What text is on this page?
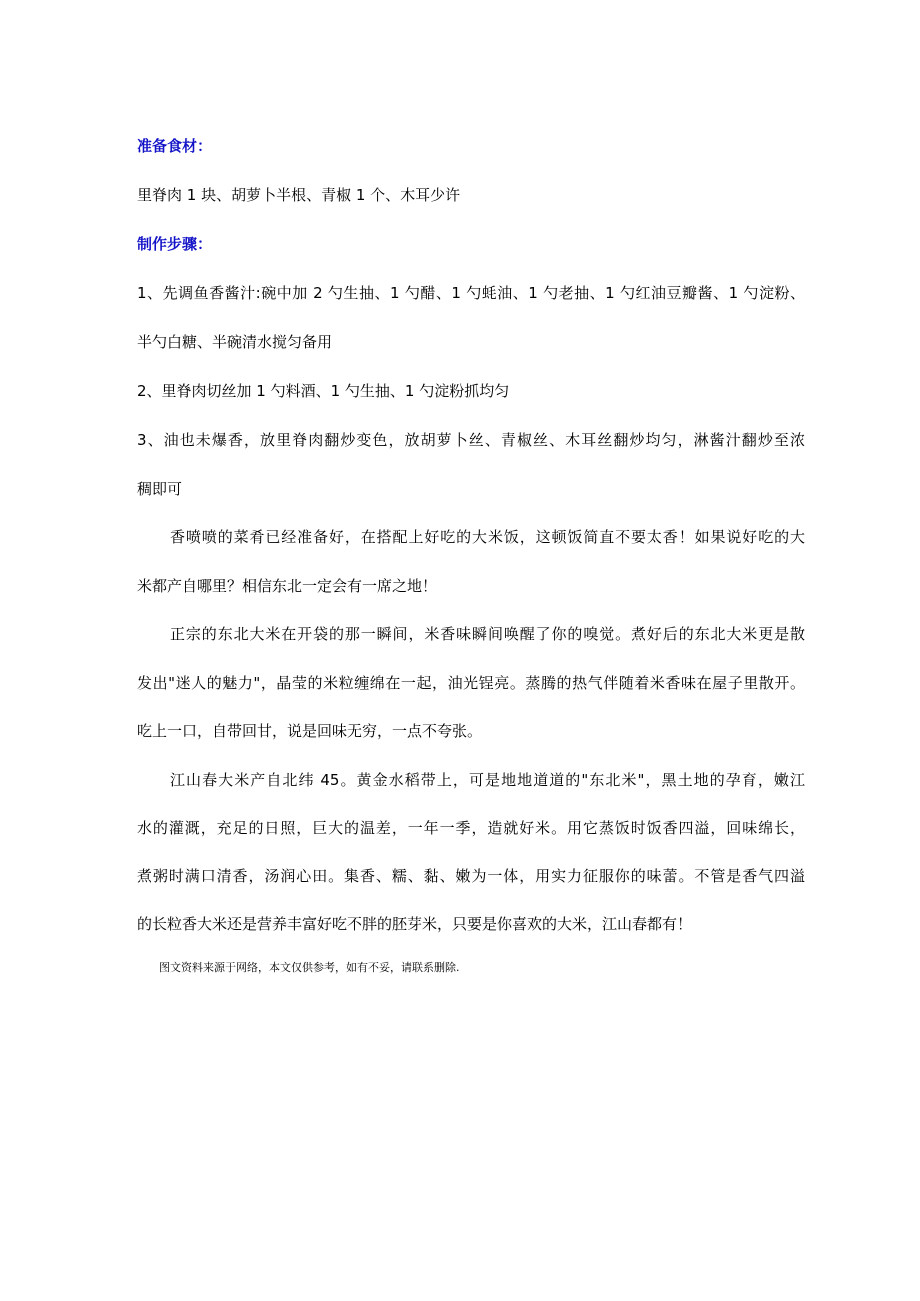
准备食材：
里脊肉 1 块、胡萝卜半根、青椒 1 个、木耳少许
制作步骤：
1、先调鱼香酱汁:碗中加 2 勺生抽、1 勺醋、1 勺蚝油、1 勺老抽、1 勺红油豆瓣酱、1 勺淀粉、
半勺白糖、半碗清水搅匀备用
2、里脊肉切丝加 1 勺料酒、1 勺生抽、1 勺淀粉抓均匀
3、油也未爆香，放里脊肉翻炒变色，放胡萝卜丝、青椒丝、木耳丝翻炒均匀，淋酱汁翻炒至浓
稠即可
香喷喷的菜肴已经准备好，在搭配上好吃的大米饭，这顿饭简直不要太香！如果说好吃的大
米都产自哪里？相信东北一定会有一席之地！
正宗的东北大米在开袋的那一瞬间，米香味瞬间唤醒了你的嗅觉。煮好后的东北大米更是散
发出"迷人的魅力"，晶莹的米粒缠绵在一起，油光锃亮。蒸腾的热气伴随着米香味在屋子里散开。
吃上一口，自带回甘，说是回味无穷，一点不夸张。
江山春大米产自北纬 45。黄金水稻带上，可是地地道道的"东北米"，黑土地的孕育，嫩江
水的灌溉，充足的日照，巨大的温差，一年一季，造就好米。用它蒸饭时饭香四溢，回味绵长，
煮粥时满口清香，汤润心田。集香、糯、黏、嫩为一体，用实力征服你的味蕾。不管是香气四溢
的长粒香大米还是营养丰富好吃不胖的胚芽米，只要是你喜欢的大米，江山春都有！
图文资料来源于网络，本文仅供参考，如有不妥，请联系删除.
